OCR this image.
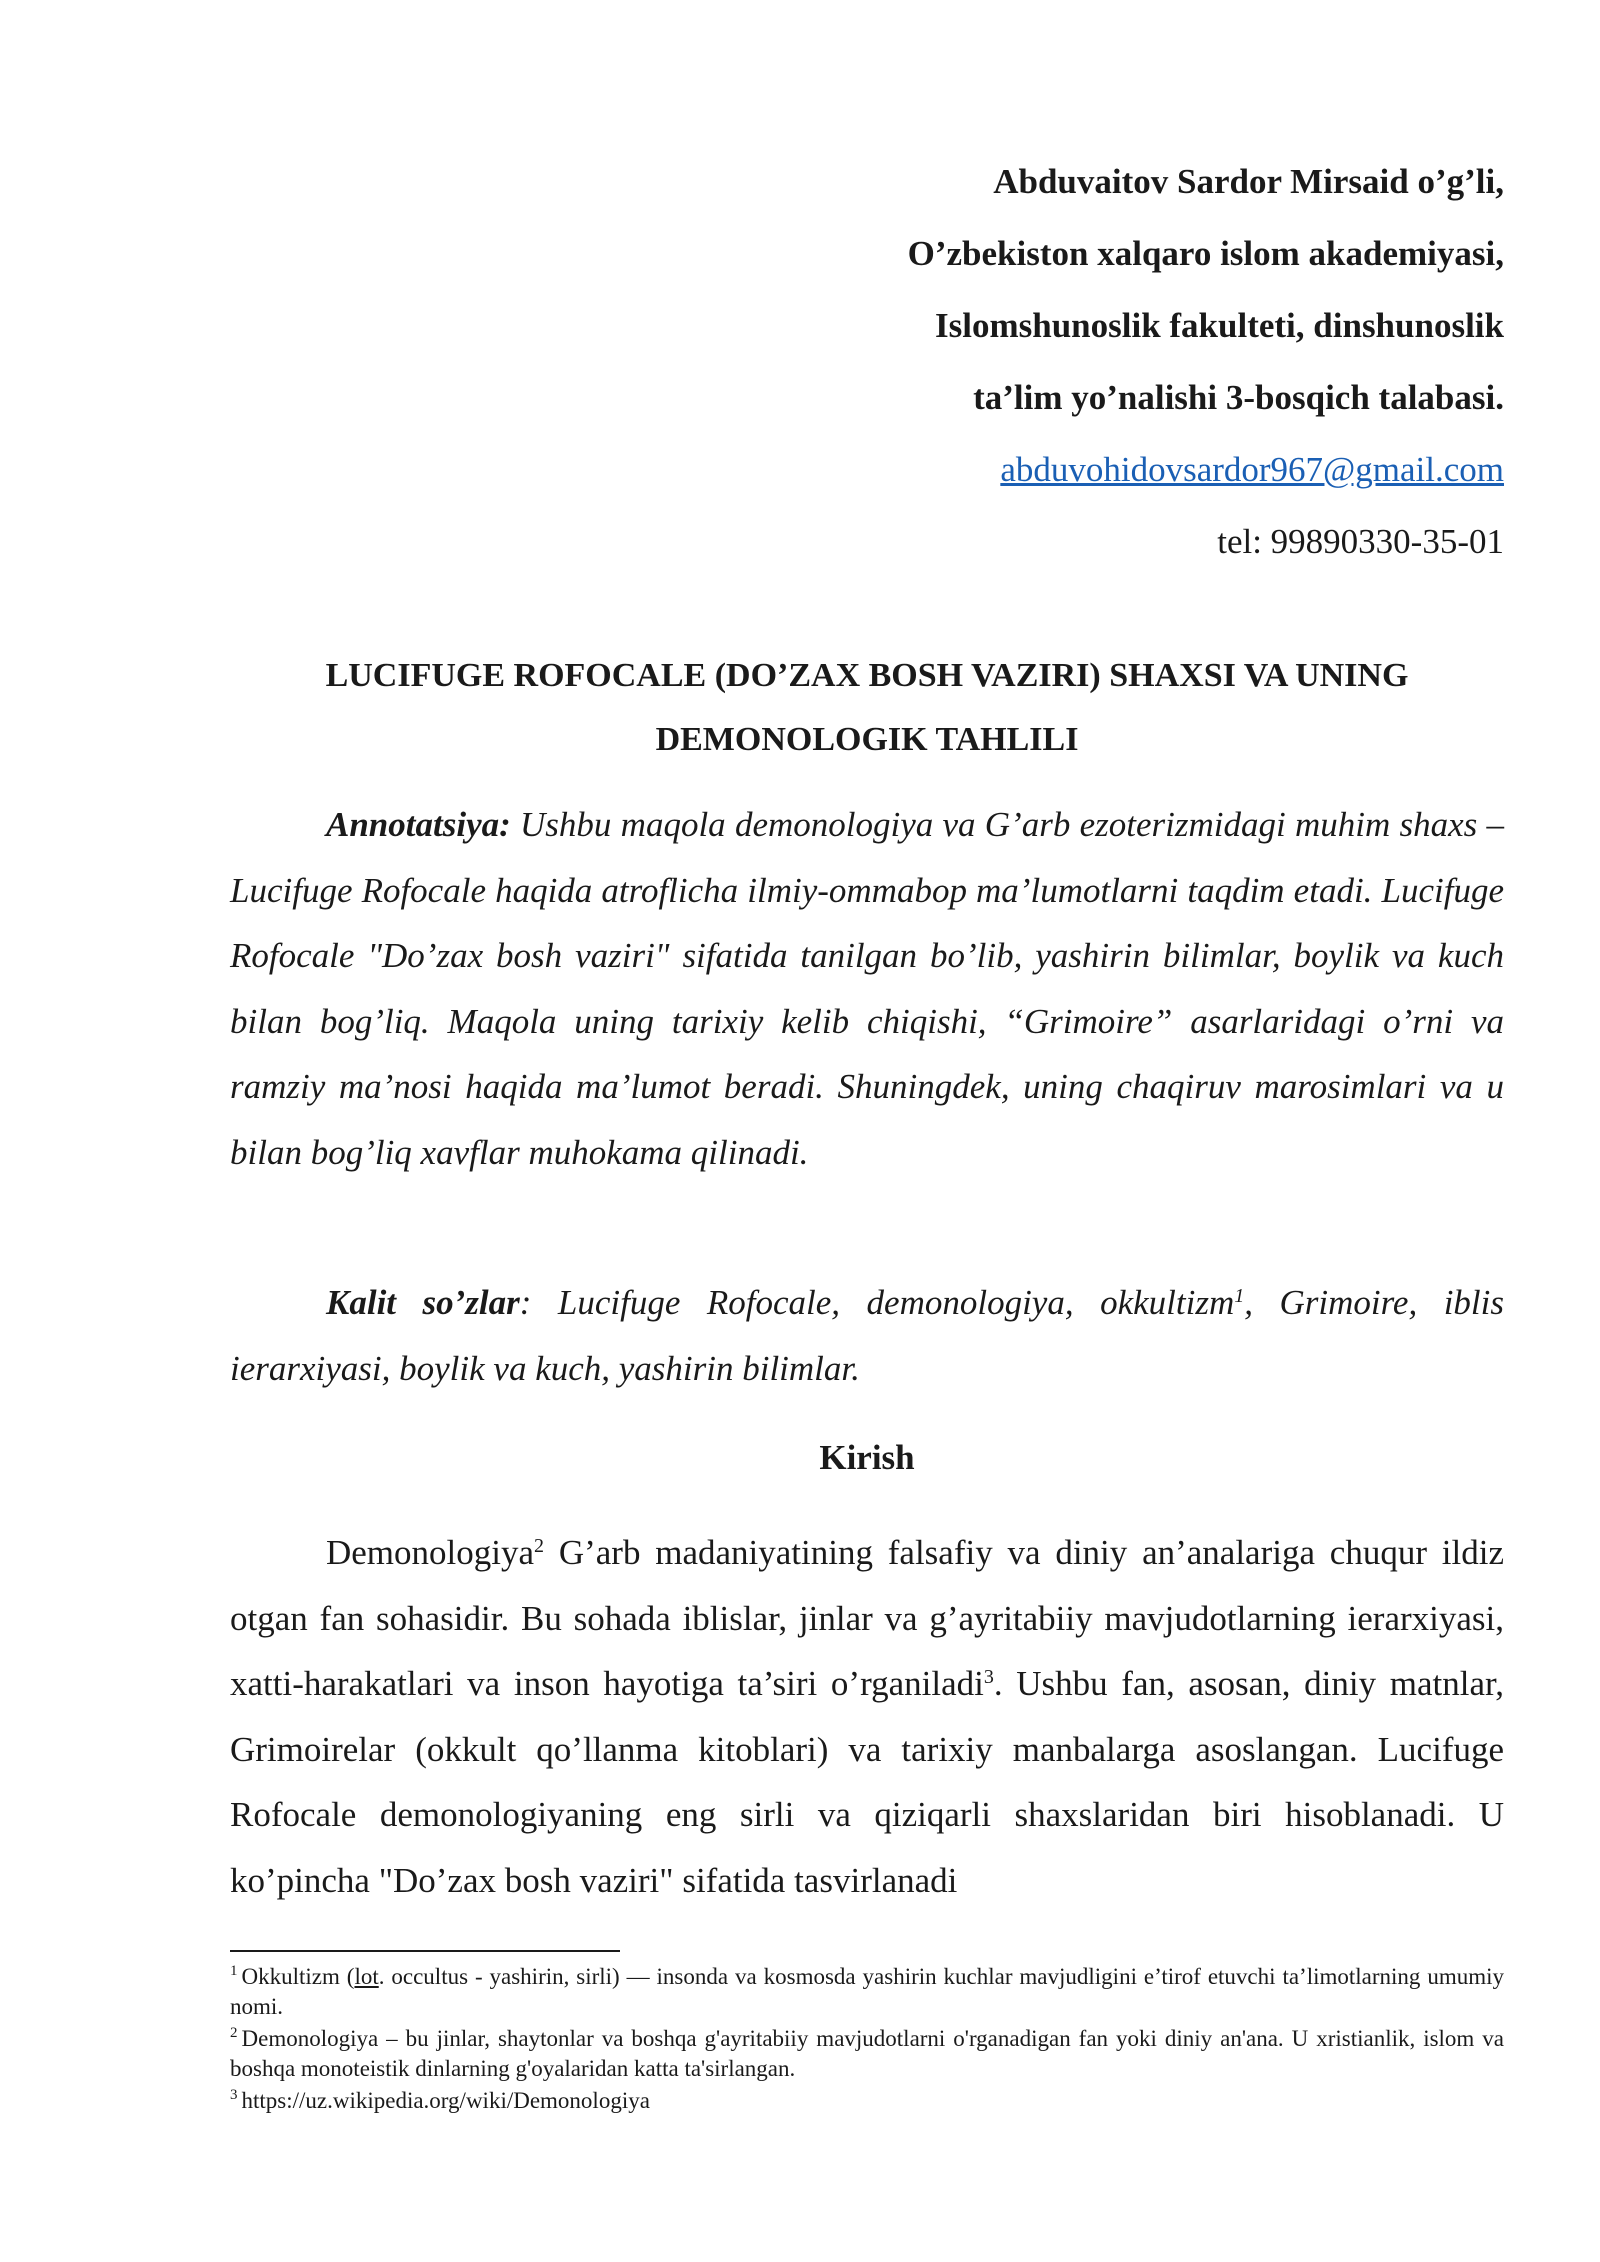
Abduvaitov Sardor Mirsaid o’g’li,
O’zbekiston xalqaro islom akademiyasi,
Islomshunoslik fakulteti, dinshunoslik
ta’lim yo’nalishi 3-bosqich talabasi.
abduvohidovsardor967@gmail.com
tel: 99890330-35-01
LUCIFUGE ROFOCALE (DO’ZAX BOSH VAZIRI) SHAXSI VA UNING
DEMONOLOGIK TAHLILI

Annotatsiya: Ushbu maqola demonologiya va G’arb ezoterizmidagi muhim shaxs – Lucifuge Rofocale haqida atroflicha ilmiy-ommabop ma’lumotlarni taqdim etadi. Lucifuge Rofocale "Do’zax bosh vaziri" sifatida tanilgan bo’lib, yashirin bilimlar, boylik va kuch bilan bog’liq. Maqola uning tarixiy kelib chiqishi, “Grimoire” asarlaridagi o’rni va ramziy ma’nosi haqida ma’lumot beradi. Shuningdek, uning chaqiruv marosimlari va u bilan bog’liq xavflar muhokama qilinadi.

Kalit so’zlar: Lucifuge Rofocale, demonologiya, okkultizm$^1$, Grimoire, iblis ierarxiyasi, boylik va kuch, yashirin bilimlar.

Kirish

Demonologiya$^2$ G’arb madaniyatining falsafiy va diniy an’analariga chuqur ildiz otgan fan sohasidir. Bu sohada iblislar, jinlar va g’ayritabiiy mavjudotlarning ierarxiyasi, xatti-harakatlari va inson hayotiga ta’siri o’rganiladi$^3$. Ushbu fan, asosan, diniy matnlar, Grimoirelar (okkult qo’llanma kitoblari) va tarixiy manbalarga asoslangan. Lucifuge Rofocale demonologiyaning eng sirli va qiziqarli shaxslaridan biri hisoblanadi. U ko’pincha "Do’zax bosh vaziri" sifatida tasvirlanadi

$^1$ Okkultizm (lot. occultus - yashirin, sirli) — insonda va kosmosda yashirin kuchlar mavjudligini e’tirof etuvchi ta’limotlarning umumiy nomi.

$^2$ Demonologiya – bu jinlar, shaytonlar va boshqa g'ayritabiiy mavjudotlarni o'rganadigan fan yoki diniy an'ana. U xristianlik, islom va boshqa monoteistik dinlarning g'oyalaridan katta ta'sirlangan.

$^3$ https://uz.wikipedia.org/wiki/Demonologiya
